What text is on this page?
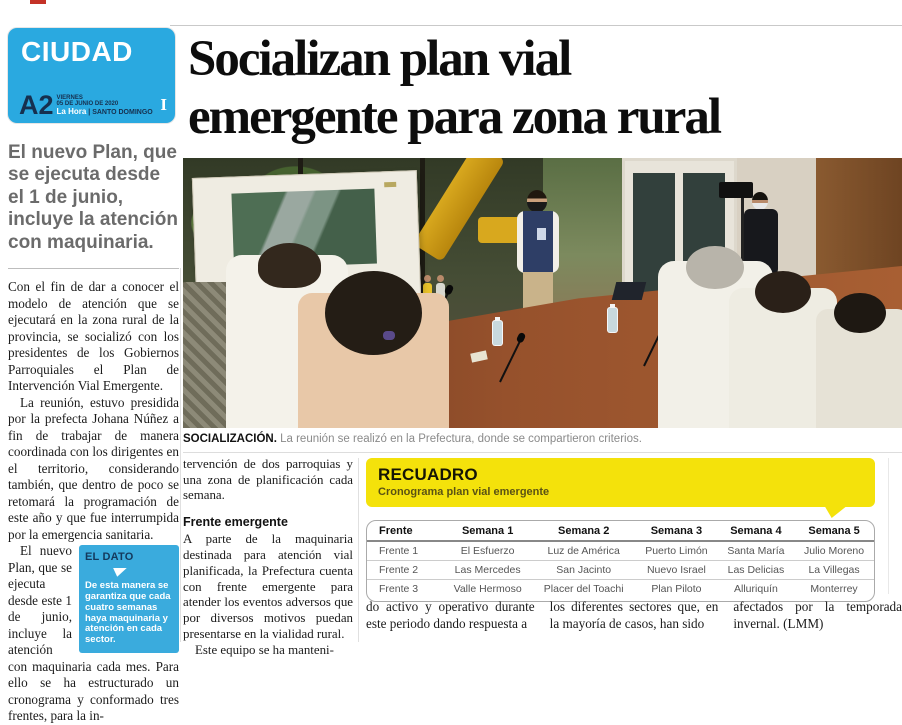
CIUDAD
A2 VIERNES
05 DE JUNIO DE 2020
La Hora | SANTO DOMINGO I
Socializan plan vial
emergente para zona rural
El nuevo Plan, que se ejecuta desde el 1 de junio, incluye la atención con maquinaria.

Con el fin de dar a conocer el modelo de atención que se ejecutará en la zona rural de la provincia, se socializó con los presidentes de los Gobiernos Parroquiales el Plan de Intervención Vial Emergente.

La reunión, estuvo presidida por la prefecta Johana Núñez a fin de trabajar de manera coordinada con los dirigentes en el territorio, considerando también, que dentro de poco se retomará la programación de este año y que fue interrumpida por la emergencia sanitaria.

EL DATO
De esta manera se garantiza que cada cuatro semanas haya maquinaria y atención en cada sector.

El nuevo Plan, que se ejecuta desde este 1 de junio, incluye la atención con maquinaria cada mes. Para ello se ha estructurado un cronograma y conformado tres frentes, para la in-

SOCIALIZACIÓN. La reunión se realizó en la Prefectura, donde se compartieron criterios.

tervención de dos parroquias y una zona de planificación cada semana.

Frente emergente

A parte de la maquinaria destinada para atención vial planificada, la Prefectura cuenta con frente emergente para atender los eventos adversos que por diversos motivos puedan presentarse en la vialidad rural.

Este equipo se ha manteni-

RECUADRO
Cronograma plan vial emergente
Frente	Semana 1	Semana 2	Semana 3	Semana 4	Semana 5
Frente 1	El Esfuerzo	Luz de América	Puerto Limón	Santa María	Julio Moreno
Frente 2	Las Mercedes	San Jacinto	Nuevo Israel	Las Delicias	La Villegas
Frente 3	Valle Hermoso	Placer del Toachi	Plan Piloto	Alluriquín	Monterrey
do activo y operativo durante este periodo dando respuesta a
los diferentes sectores que, en la mayoría de casos, han sido
afectados por la temporada invernal. (LMM)
